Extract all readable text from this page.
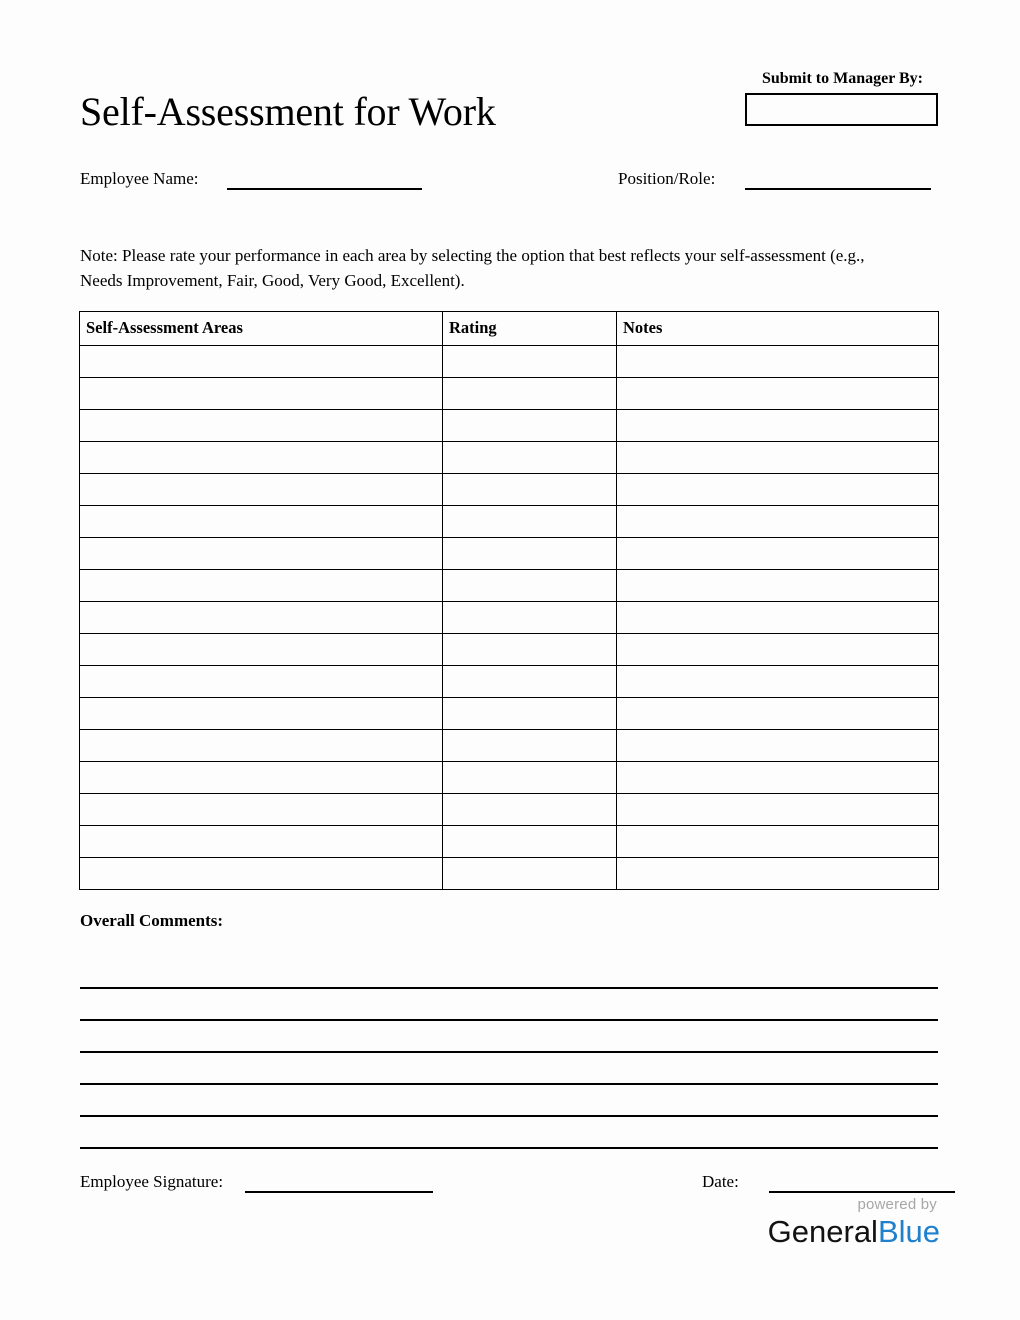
Self-Assessment for Work
Submit to Manager By:
Employee Name:	Position/Role:

Note: Please rate your performance in each area by selecting the option that best reflects your self-assessment (e.g., Needs Improvement, Fair, Good, Very Good, Excellent).

Self-Assessment Areas	Rating	Notes

Overall Comments:
Employee Signature:	Date:
powered by
GeneralBlue
